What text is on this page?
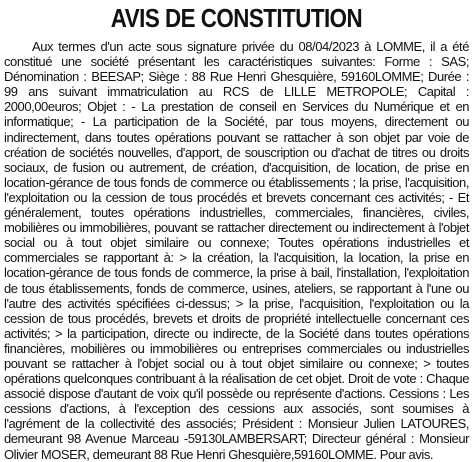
AVIS DE CONSTITUTION

Aux termes d'un acte sous signature privée du 08/04/2023 à LOMME, il a été constitué une société présentant les caractéristiques suivantes: Forme : SAS; Dénomination : BEESAP; Siège : 88 Rue Henri Ghesquière, 59160LOMME; Durée : 99 ans suivant immatriculation au RCS de LILLE METROPOLE; Capital : 2000,00euros; Objet : - La prestation de conseil en Services du Numérique et en informatique; - La participation de la Société, par tous moyens, directement ou indirectement, dans toutes opérations pouvant se rattacher à son objet par voie de création de sociétés nouvelles, d'apport, de souscription ou d'achat de titres ou droits sociaux, de fusion ou autrement, de création, d'acquisition, de location, de prise en location-gérance de tous fonds de commerce ou établissements ; la prise, l'acquisition, l'exploitation ou la cession de tous procédés et brevets concernant ces activités; - Et généralement, toutes opérations industrielles, commerciales, financières, civiles, mobilières ou immobilières, pouvant se rattacher directement ou indirectement à l'objet social ou à tout objet similaire ou connexe; Toutes opérations industrielles et commerciales se rapportant à: > la création, la l'acquisition, la location, la prise en location-gérance de tous fonds de commerce, la prise à bail, l'installation, l'exploitation de tous établissements, fonds de commerce, usines, ateliers, se rapportant à l'une ou l'autre des activités spécifiées ci-dessus; > la prise, l'acquisition, l'exploitation ou la cession de tous procédés, brevets et droits de propriété intellectuelle concernant ces activités; > la participation, directe ou indirecte, de la Société dans toutes opérations financières, mobilières ou immobilières ou entreprises commerciales ou industrielles pouvant se rattacher à l'objet social ou à tout objet similaire ou connexe; > toutes opérations quelconques contribuant à la réalisation de cet objet. Droit de vote : Chaque associé dispose d'autant de voix qu'il possède ou représente d'actions. Cessions : Les cessions d'actions, à l'exception des cessions aux associés, sont soumises à l'agrément de la collectivité des associés; Président : Monsieur Julien LATOURES, demeurant 98 Avenue Marceau -59130LAMBERSART; Directeur général : Monsieur Olivier MOSER, demeurant 88 Rue Henri Ghesquière,59160LOMME. Pour avis.
